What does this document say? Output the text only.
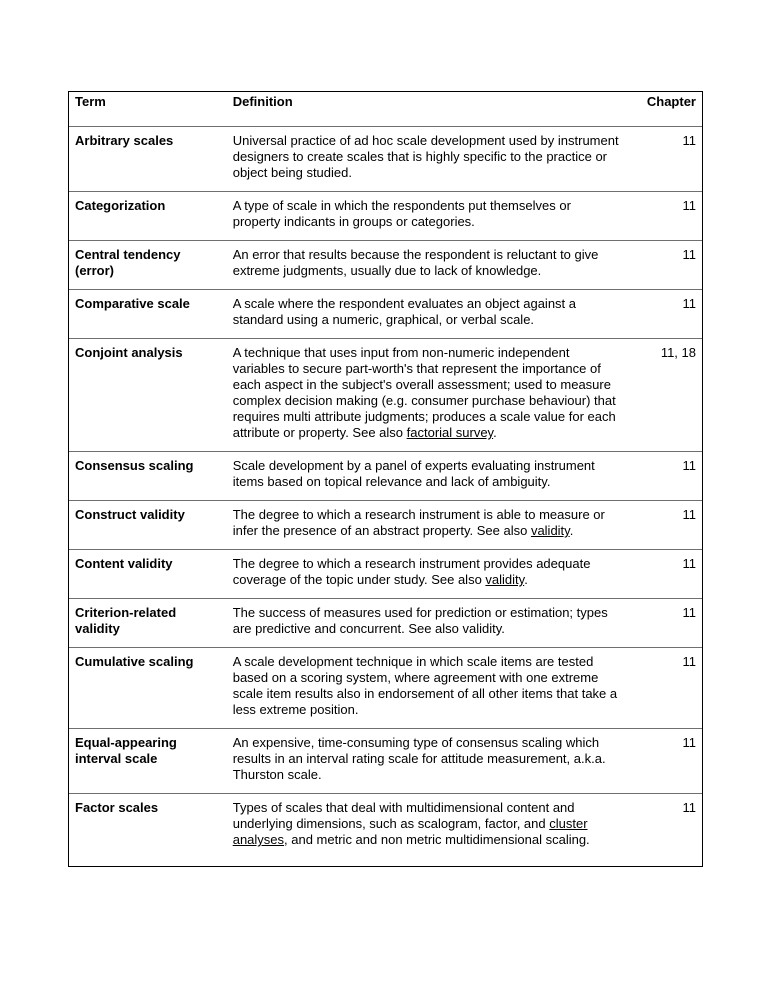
Term	Definition	Chapter
Arbitrary scales	Universal practice of ad hoc scale development used by instrument designers to create scales that is highly specific to the practice or object being studied.	11
Categorization	A type of scale in which the respondents put themselves or property indicants in groups or categories.	11
Central tendency (error)	An error that results because the respondent is reluctant to give extreme judgments, usually due to lack of knowledge.	11
Comparative scale	A scale where the respondent evaluates an object against a standard using a numeric, graphical, or verbal scale.	11
Conjoint analysis	A technique that uses input from non-numeric independent variables to secure part-worth's that represent the importance of each aspect in the subject's overall assessment; used to measure complex decision making (e.g. consumer purchase behaviour) that requires multi attribute judgments; produces a scale value for each attribute or property. See also factorial survey.	11, 18
Consensus scaling	Scale development by a panel of experts evaluating instrument items based on topical relevance and lack of ambiguity.	11
Construct validity	The degree to which a research instrument is able to measure or infer the presence of an abstract property. See also validity.	11
Content validity	The degree to which a research instrument provides adequate coverage of the topic under study. See also validity.	11
Criterion-related validity	The success of measures used for prediction or estimation; types are predictive and concurrent. See also validity.	11
Cumulative scaling	A scale development technique in which scale items are tested based on a scoring system, where agreement with one extreme scale item results also in endorsement of all other items that take a less extreme position.	11
Equal-appearing interval scale	An expensive, time-consuming type of consensus scaling which results in an interval rating scale for attitude measurement, a.k.a. Thurston scale.	11
Factor scales	Types of scales that deal with multidimensional content and underlying dimensions, such as scalogram, factor, and cluster analyses, and metric and non metric multidimensional scaling.	11
